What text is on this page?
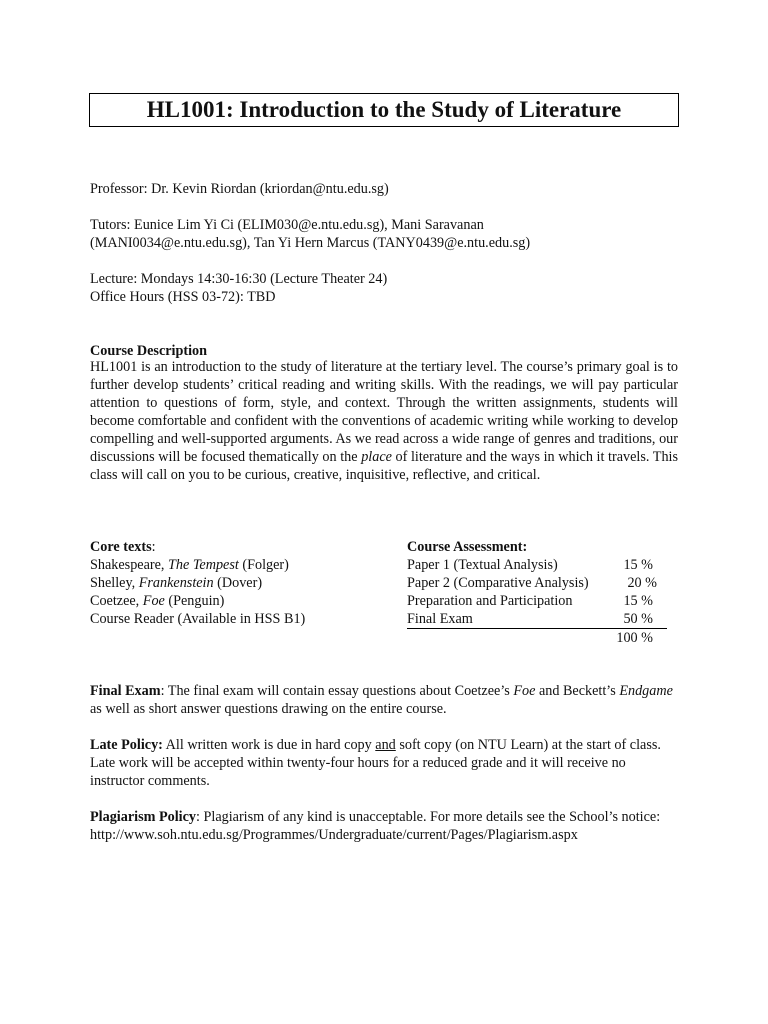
HL1001: Introduction to the Study of Literature
Professor: Dr. Kevin Riordan (kriordan@ntu.edu.sg)
Tutors: Eunice Lim Yi Ci (ELIM030@e.ntu.edu.sg), Mani Saravanan
(MANI0034@e.ntu.edu.sg), Tan Yi Hern Marcus (TANY0439@e.ntu.edu.sg)
Lecture: Mondays 14:30-16:30 (Lecture Theater 24)
Office Hours (HSS 03-72): TBD
Course Description
HL1001 is an introduction to the study of literature at the tertiary level. The course’s primary goal is to further develop students’ critical reading and writing skills. With the readings, we will pay particular attention to questions of form, style, and context. Through the written assignments, students will become comfortable and confident with the conventions of academic writing while working to develop compelling and well-supported arguments. As we read across a wide range of genres and traditions, our discussions will be focused thematically on the place of literature and the ways in which it travels. This class will call on you to be curious, creative, inquisitive, reflective, and critical.
Core texts:
Shakespeare, The Tempest (Folger)
Shelley, Frankenstein (Dover)
Coetzee, Foe (Penguin)
Course Reader (Available in HSS B1)
Course Assessment:
Paper 1 (Textual Analysis)	15 %
Paper 2 (Comparative Analysis)	20 %
Preparation and Participation	15 %
Final Exam	50 %
100 %
Final Exam: The final exam will contain essay questions about Coetzee’s Foe and Beckett’s Endgame as well as short answer questions drawing on the entire course.
Late Policy: All written work is due in hard copy and soft copy (on NTU Learn) at the start of class. Late work will be accepted within twenty-four hours for a reduced grade and it will receive no instructor comments.
Plagiarism Policy: Plagiarism of any kind is unacceptable. For more details see the School’s notice: http://www.soh.ntu.edu.sg/Programmes/Undergraduate/current/Pages/Plagiarism.aspx
